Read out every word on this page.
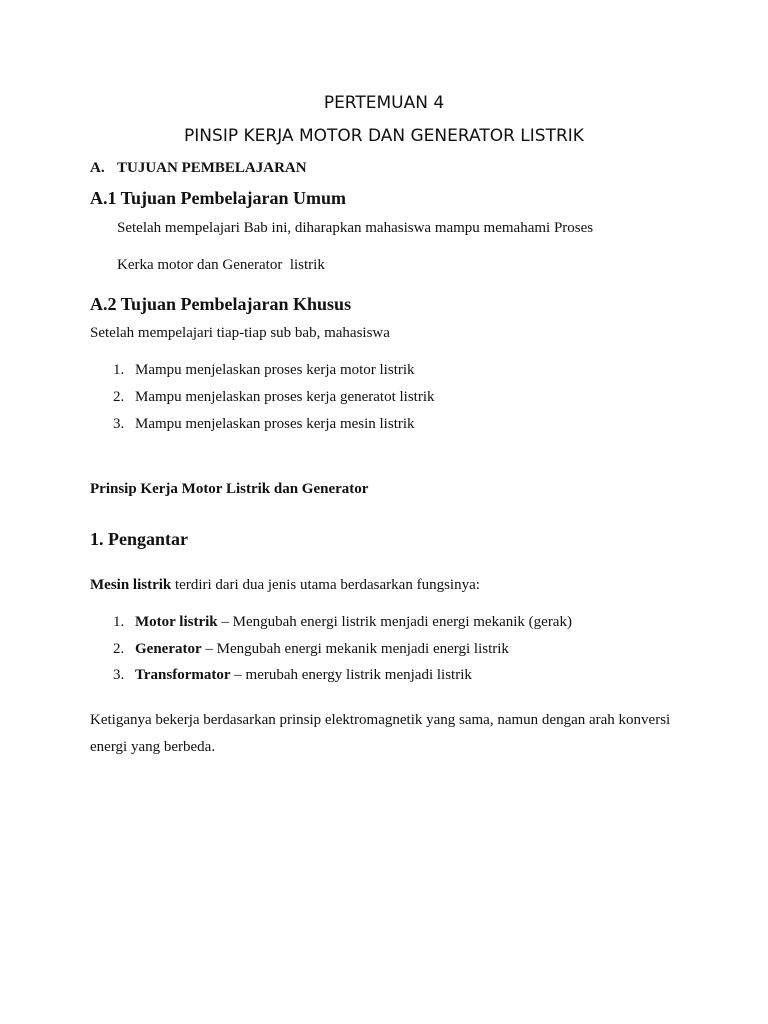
PERTEMUAN 4
PINSIP KERJA MOTOR DAN GENERATOR LISTRIK
A. TUJUAN PEMBELAJARAN
A.1 Tujuan Pembelajaran Umum
Setelah mempelajari Bab ini, diharapkan mahasiswa mampu memahami Proses
Kerka motor dan Generator  listrik
A.2 Tujuan Pembelajaran Khusus
Setelah mempelajari tiap-tiap sub bab, mahasiswa
1. Mampu menjelaskan proses kerja motor listrik
2. Mampu menjelaskan proses kerja generatot listrik
3. Mampu menjelaskan proses kerja mesin listrik
Prinsip Kerja Motor Listrik dan Generator
1. Pengantar
Mesin listrik terdiri dari dua jenis utama berdasarkan fungsinya:
1. Motor listrik – Mengubah energi listrik menjadi energi mekanik (gerak)
2. Generator – Mengubah energi mekanik menjadi energi listrik
3. Transformator – merubah energy listrik menjadi listrik
Ketiganya bekerja berdasarkan prinsip elektromagnetik yang sama, namun dengan arah konversi
energi yang berbeda.
